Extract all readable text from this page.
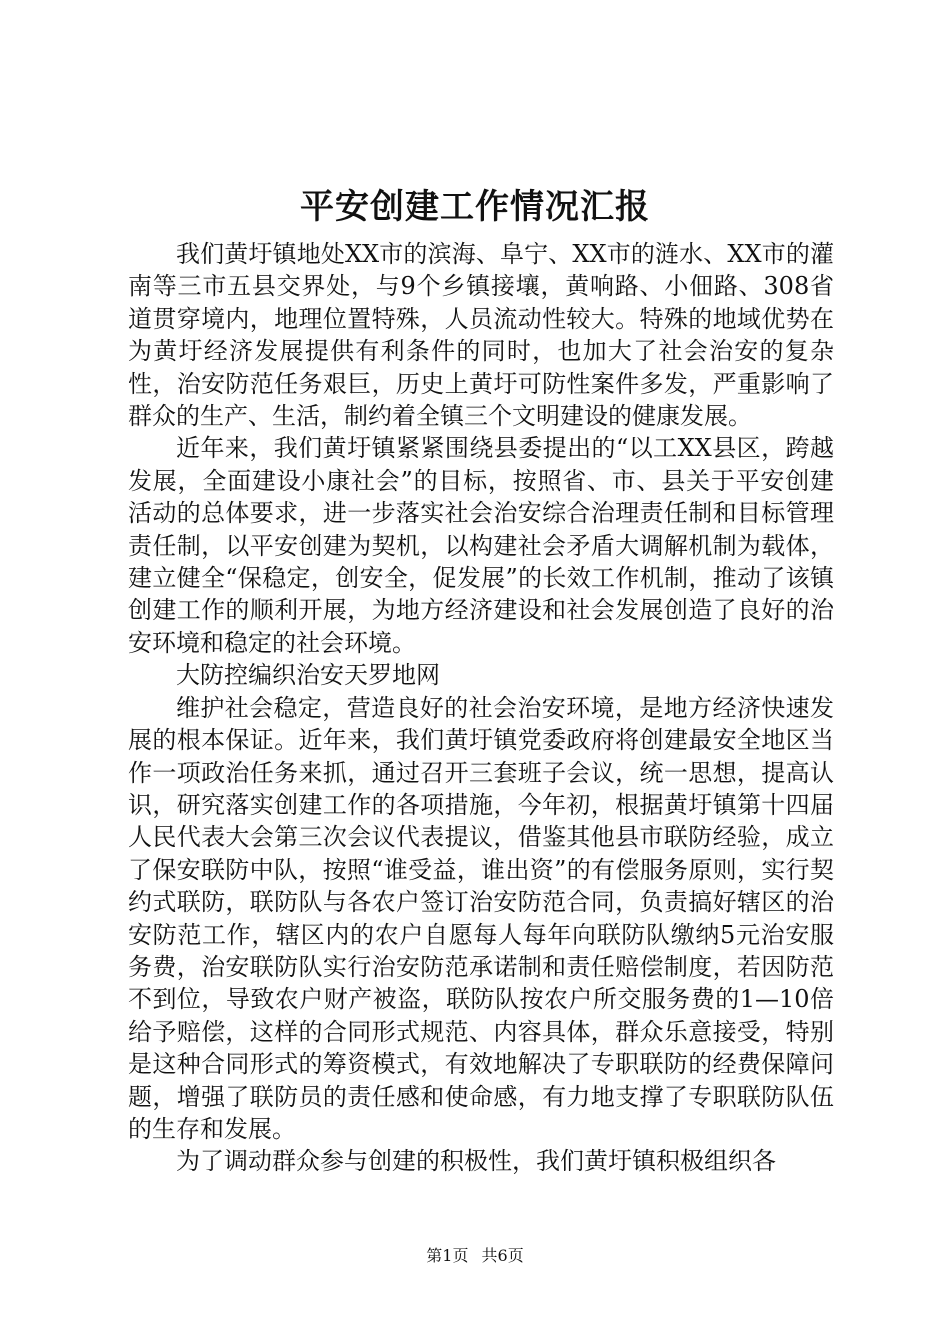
平安创建工作情况汇报

我们黄圩镇地处XX市的滨海、阜宁、XX市的涟水、XX市的灌南等三市五县交界处，与9个乡镇接壤，黄响路、小佃路、308省道贯穿境内，地理位置特殊，人员流动性较大。特殊的地域优势在为黄圩经济发展提供有利条件的同时，也加大了社会治安的复杂性，治安防范任务艰巨，历史上黄圩可防性案件多发，严重影响了群众的生产、生活，制约着全镇三个文明建设的健康发展。

近年来，我们黄圩镇紧紧围绕县委提出的“以工XX县区，跨越发展，全面建设小康社会”的目标，按照省、市、县关于平安创建活动的总体要求，进一步落实社会治安综合治理责任制和目标管理责任制，以平安创建为契机，以构建社会矛盾大调解机制为载体，建立健全“保稳定，创安全，促发展”的长效工作机制，推动了该镇创建工作的顺利开展，为地方经济建设和社会发展创造了良好的治安环境和稳定的社会环境。

大防控编织治安天罗地网

维护社会稳定，营造良好的社会治安环境，是地方经济快速发展的根本保证。近年来，我们黄圩镇党委政府将创建最安全地区当作一项政治任务来抓，通过召开三套班子会议，统一思想，提高认识，研究落实创建工作的各项措施，今年初，根据黄圩镇第十四届人民代表大会第三次会议代表提议，借鉴其他县市联防经验，成立了保安联防中队，按照“谁受益，谁出资”的有偿服务原则，实行契约式联防，联防队与各农户签订治安防范合同，负责搞好辖区的治安防范工作，辖区内的农户自愿每人每年向联防队缴纳5元治安服务费，治安联防队实行治安防范承诺制和责任赔偿制度，若因防范不到位，导致农户财产被盗，联防队按农户所交服务费的1—10倍给予赔偿，这样的合同形式规范、内容具体，群众乐意接受，特别是这种合同形式的筹资模式，有效地解决了专职联防的经费保障问题，增强了联防员的责任感和使命感，有力地支撑了专职联防队伍的生存和发展。

为了调动群众参与创建的积极性，我们黄圩镇积极组织各

第1页 共6页
